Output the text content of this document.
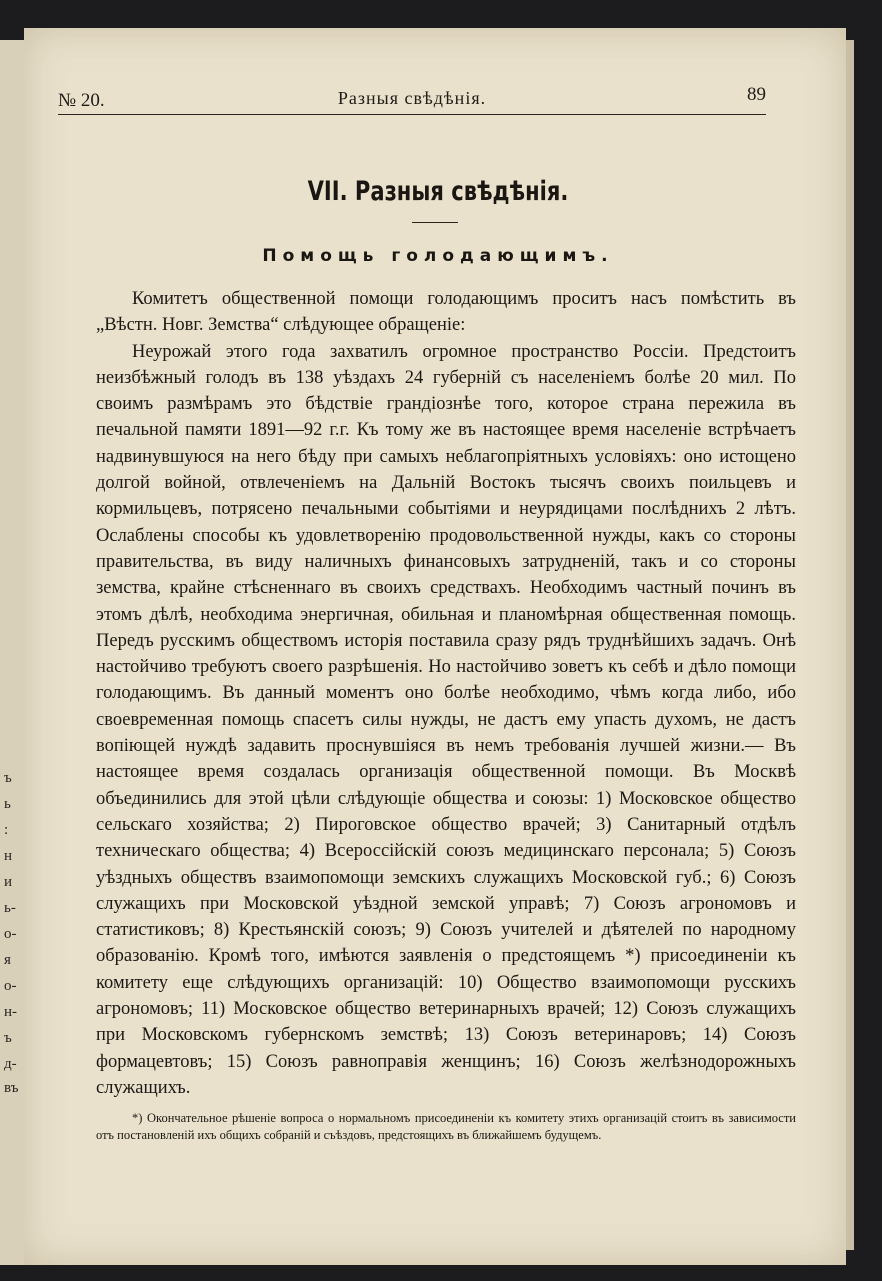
ъ
ь
:
н
и
ь-
о-
я
о-
н-
ъ
д-
въ
№ 20.	Разныя свѣдѣнія.	89
VII. Разныя свѣдѣнія.
Помощь голодающимъ.

Комитетъ общественной помощи голодающимъ проситъ насъ помѣстить въ „Вѣстн. Новг. Земства“ слѣдующее обращеніе:

Неурожай этого года захватилъ огромное пространство Россіи. Предстоитъ неизбѣжный голодъ въ 138 уѣздахъ 24 губерній съ населеніемъ болѣе 20 мил. По своимъ размѣрамъ это бѣдствіе грандіознѣе того, которое страна пережила въ печальной памяти 1891—92 г.г. Къ тому же въ настоящее время населеніе встрѣчаетъ надвинувшуюся на него бѣду при самыхъ неблагопріятныхъ условіяхъ: оно истощено долгой войной, отвлеченіемъ на Дальній Востокъ тысячъ своихъ поильцевъ и кормильцевъ, потрясено печальными событіями и неурядицами послѣднихъ 2 лѣтъ. Ослаблены способы къ удовлетворенію продовольственной нужды, какъ со стороны правительства, въ виду наличныхъ финансовыхъ затрудненій, такъ и со стороны земства, крайне стѣсненнаго въ своихъ средствахъ. Необходимъ частный починъ въ этомъ дѣлѣ, необходима энергичная, обильная и планомѣрная общественная помощь. Передъ русскимъ обществомъ исторія поставила сразу рядъ труднѣйшихъ задачъ. Онѣ настойчиво требуютъ своего разрѣшенія. Но настойчиво зоветъ къ себѣ и дѣло помощи голодающимъ. Въ данный моментъ оно болѣе необходимо, чѣмъ когда либо, ибо своевременная помощь спасетъ силы нужды, не дастъ ему упасть духомъ, не дастъ вопіющей нуждѣ задавить проснувшіяся въ немъ требованія лучшей жизни.— Въ настоящее время создалась организація общественной помощи. Въ Москвѣ объединились для этой цѣли слѣдующіе общества и союзы: 1) Московское общество сельскаго хозяйства; 2) Пироговское общество врачей; 3) Санитарный отдѣлъ техническаго общества; 4) Всероссійскій союзъ медицинскаго персонала; 5) Союзъ уѣздныхъ обществъ взаимопомощи земскихъ служащихъ Московской губ.; 6) Союзъ служащихъ при Московской уѣздной земской управѣ; 7) Союзъ агрономовъ и статистиковъ; 8) Крестьянскій союзъ; 9) Союзъ учителей и дѣятелей по народному образованію. Кромѣ того, имѣются заявленія о предстоящемъ *) присоединеніи къ комитету еще слѣдующихъ организацій: 10) Общество взаимопомощи русскихъ агрономовъ; 11) Московское общество ветеринарныхъ врачей; 12) Союзъ служащихъ при Московскомъ губернскомъ земствѣ; 13) Союзъ ветеринаровъ; 14) Союзъ формацевтовъ; 15) Союзъ равноправія женщинъ; 16) Союзъ желѣзнодорожныхъ служащихъ.

*) Окончательное рѣшеніе вопроса о нормальномъ присоединеніи къ комитету этихъ организацій стоитъ въ зависимости отъ постановленій ихъ общихъ собраній и съѣздовъ, предстоящихъ въ ближайшемъ будущемъ.
